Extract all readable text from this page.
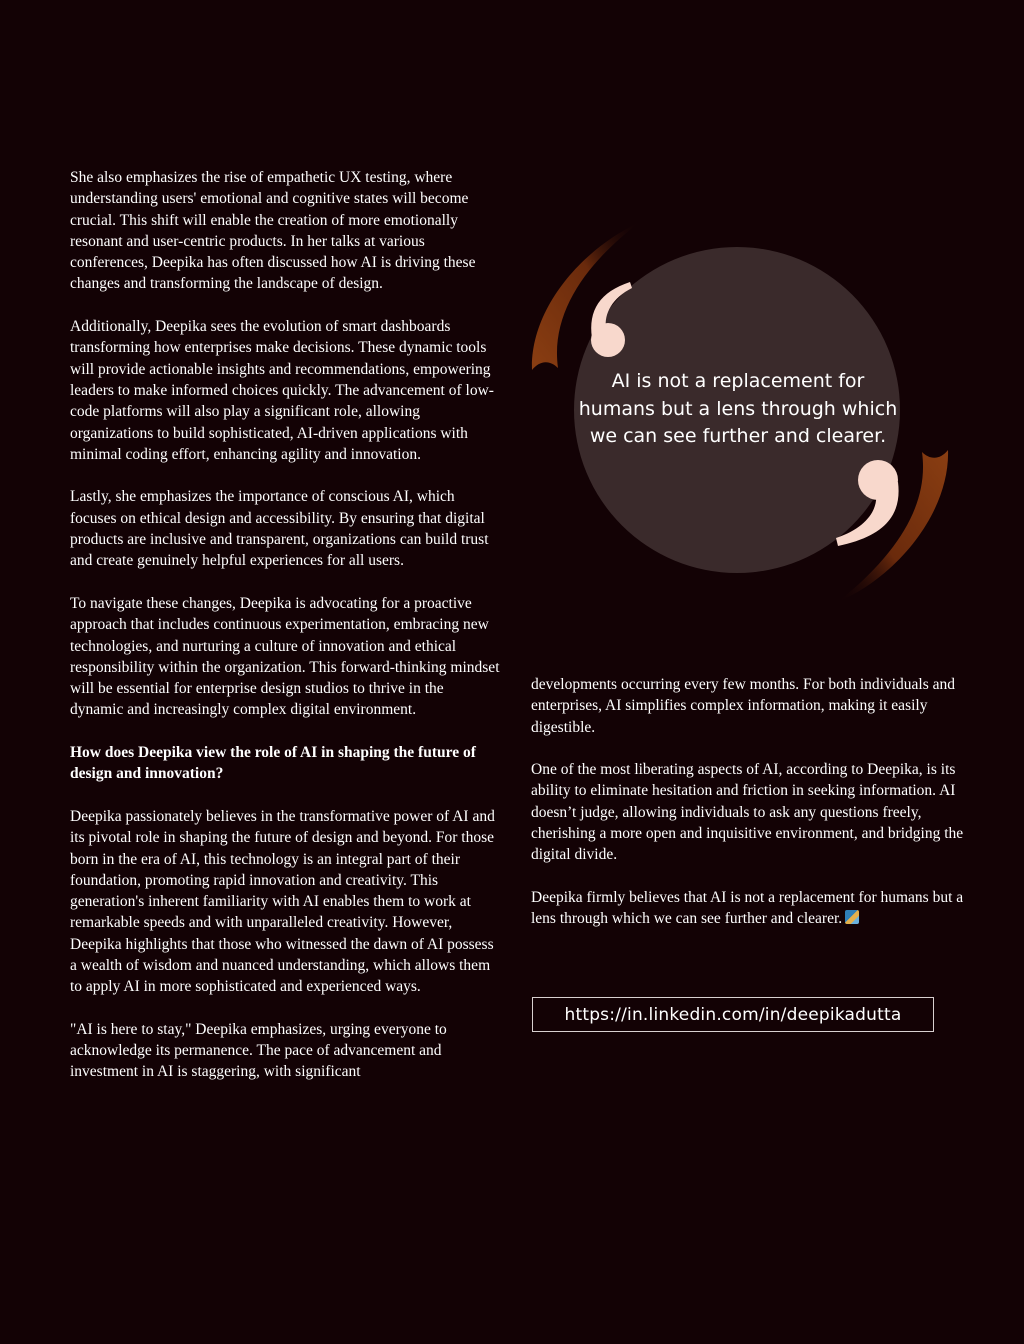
She also emphasizes the rise of empathetic UX testing, where understanding users' emotional and cognitive states will become crucial. This shift will enable the creation of more emotionally resonant and user-centric products. In her talks at various conferences, Deepika has often discussed how AI is driving these changes and transforming the landscape of design.

Additionally, Deepika sees the evolution of smart dashboards transforming how enterprises make decisions. These dynamic tools will provide actionable insights and recommendations, empowering leaders to make informed choices quickly. The advancement of low-code platforms will also play a significant role, allowing organizations to build sophisticated, AI-driven applications with minimal coding effort, enhancing agility and innovation.

Lastly, she emphasizes the importance of conscious AI, which focuses on ethical design and accessibility. By ensuring that digital products are inclusive and transparent, organizations can build trust and create genuinely helpful experiences for all users.

To navigate these changes, Deepika is advocating for a proactive approach that includes continuous experimentation, embracing new technologies, and nurturing a culture of innovation and ethical responsibility within the organization. This forward-thinking mindset will be essential for enterprise design studios to thrive in the dynamic and increasingly complex digital environment.

How does Deepika view the role of AI in shaping the future of design and innovation?

Deepika passionately believes in the transformative power of AI and its pivotal role in shaping the future of design and beyond. For those born in the era of AI, this technology is an integral part of their foundation, promoting rapid innovation and creativity. This generation's inherent familiarity with AI enables them to work at remarkable speeds and with unparalleled creativity. However, Deepika highlights that those who witnessed the dawn of AI possess a wealth of wisdom and nuanced understanding, which allows them to apply AI in more sophisticated and experienced ways.

"AI is here to stay," Deepika emphasizes, urging everyone to acknowledge its permanence. The pace of advancement and investment in AI is staggering, with significant

AI is not a replacement for humans but a lens through which we can see further and clearer.

developments occurring every few months. For both individuals and enterprises, AI simplifies complex information, making it easily digestible.

One of the most liberating aspects of AI, according to Deepika, is its ability to eliminate hesitation and friction in seeking information. AI doesn’t judge, allowing individuals to ask any questions freely, cherishing a more open and inquisitive environment, and bridging the digital divide.

Deepika firmly believes that AI is not a replacement for humans but a lens through which we can see further and clearer.

https://in.linkedin.com/in/deepikadutta
